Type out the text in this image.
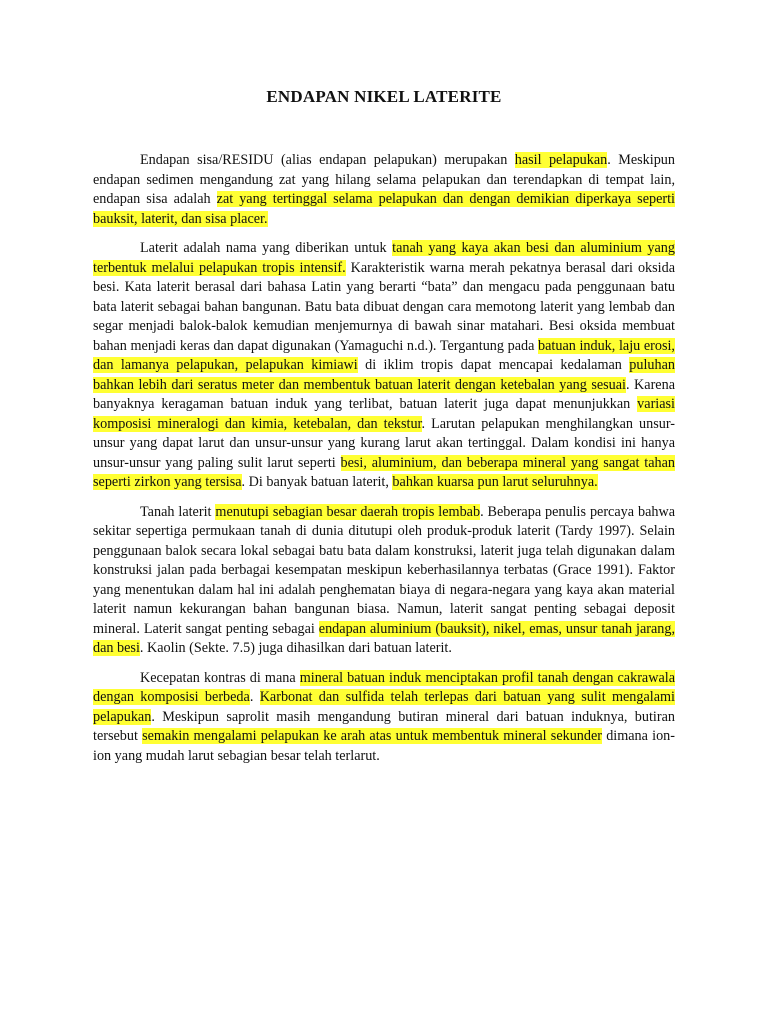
ENDAPAN NIKEL LATERITE

Endapan sisa/RESIDU (alias endapan pelapukan) merupakan hasil pelapukan. Meskipun endapan sedimen mengandung zat yang hilang selama pelapukan dan terendapkan di tempat lain, endapan sisa adalah zat yang tertinggal selama pelapukan dan dengan demikian diperkaya seperti bauksit, laterit, dan sisa placer.

Laterit adalah nama yang diberikan untuk tanah yang kaya akan besi dan aluminium yang terbentuk melalui pelapukan tropis intensif. Karakteristik warna merah pekatnya berasal dari oksida besi. Kata laterit berasal dari bahasa Latin yang berarti “bata” dan mengacu pada penggunaan batu bata laterit sebagai bahan bangunan. Batu bata dibuat dengan cara memotong laterit yang lembab dan segar menjadi balok-balok kemudian menjemurnya di bawah sinar matahari. Besi oksida membuat bahan menjadi keras dan dapat digunakan (Yamaguchi n.d.). Tergantung pada batuan induk, laju erosi, dan lamanya pelapukan, pelapukan kimiawi di iklim tropis dapat mencapai kedalaman puluhan bahkan lebih dari seratus meter dan membentuk batuan laterit dengan ketebalan yang sesuai. Karena banyaknya keragaman batuan induk yang terlibat, batuan laterit juga dapat menunjukkan variasi komposisi mineralogi dan kimia, ketebalan, dan tekstur. Larutan pelapukan menghilangkan unsur-unsur yang dapat larut dan unsur-unsur yang kurang larut akan tertinggal. Dalam kondisi ini hanya unsur-unsur yang paling sulit larut seperti besi, aluminium, dan beberapa mineral yang sangat tahan seperti zirkon yang tersisa. Di banyak batuan laterit, bahkan kuarsa pun larut seluruhnya.

Tanah laterit menutupi sebagian besar daerah tropis lembab. Beberapa penulis percaya bahwa sekitar sepertiga permukaan tanah di dunia ditutupi oleh produk-produk laterit (Tardy 1997). Selain penggunaan balok secara lokal sebagai batu bata dalam konstruksi, laterit juga telah digunakan dalam konstruksi jalan pada berbagai kesempatan meskipun keberhasilannya terbatas (Grace 1991). Faktor yang menentukan dalam hal ini adalah penghematan biaya di negara-negara yang kaya akan material laterit namun kekurangan bahan bangunan biasa. Namun, laterit sangat penting sebagai deposit mineral. Laterit sangat penting sebagai endapan aluminium (bauksit), nikel, emas, unsur tanah jarang, dan besi. Kaolin (Sekte. 7.5) juga dihasilkan dari batuan laterit.

Kecepatan kontras di mana mineral batuan induk menciptakan profil tanah dengan cakrawala dengan komposisi berbeda. Karbonat dan sulfida telah terlepas dari batuan yang sulit mengalami pelapukan. Meskipun saprolit masih mengandung butiran mineral dari batuan induknya, butiran tersebut semakin mengalami pelapukan ke arah atas untuk membentuk mineral sekunder dimana ion-ion yang mudah larut sebagian besar telah terlarut.
